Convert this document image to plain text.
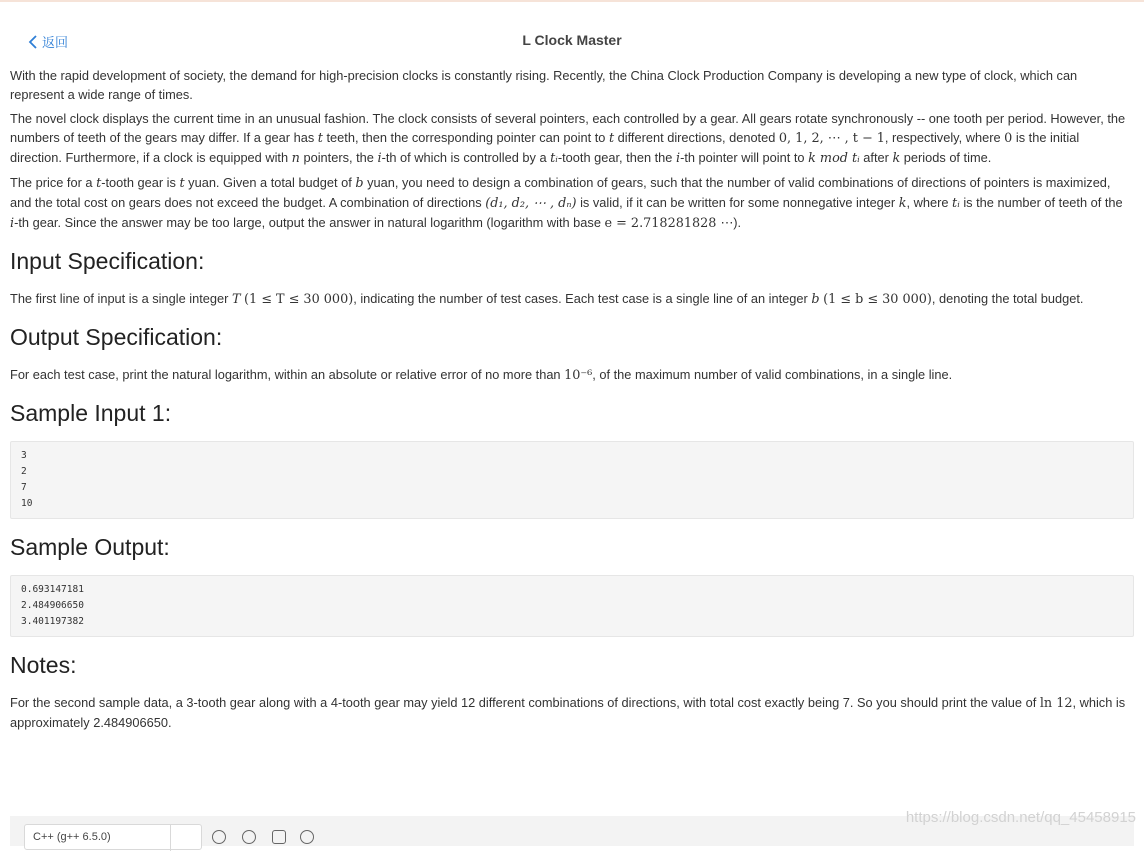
返回	L Clock Master

With the rapid development of society, the demand for high-precision clocks is constantly rising. Recently, the China Clock Production Company is developing a new type of clock, which can represent a wide range of times.

The novel clock displays the current time in an unusual fashion. The clock consists of several pointers, each controlled by a gear. All gears rotate synchronously -- one tooth per period. However, the numbers of teeth of the gears may differ. If a gear has t teeth, then the corresponding pointer can point to t different directions, denoted 0, 1, 2, ⋯ , t − 1, respectively, where 0 is the initial direction. Furthermore, if a clock is equipped with n pointers, the i-th of which is controlled by a tᵢ-tooth gear, then the i-th pointer will point to k mod tᵢ after k periods of time.

The price for a t-tooth gear is t yuan. Given a total budget of b yuan, you need to design a combination of gears, such that the number of valid combinations of directions of pointers is maximized, and the total cost on gears does not exceed the budget. A combination of directions (d₁, d₂, ⋯ , dₙ) is valid, if it can be written for some nonnegative integer k, where tᵢ is the number of teeth of the i-th gear. Since the answer may be too large, output the answer in natural logarithm (logarithm with base e = 2.718281828 ⋯).

Input Specification:

The first line of input is a single integer T (1 ≤ T ≤ 30 000), indicating the number of test cases. Each test case is a single line of an integer b (1 ≤ b ≤ 30 000), denoting the total budget.

Output Specification:

For each test case, print the natural logarithm, within an absolute or relative error of no more than 10⁻⁶, of the maximum number of valid combinations, in a single line.

Sample Input 1:
3
2
7
10
Sample Output:
0.693147181
2.484906650
3.401197382
Notes:

For the second sample data, a 3-tooth gear along with a 4-tooth gear may yield 12 different combinations of directions, with total cost exactly being 7. So you should print the value of ln 12, which is approximately 2.484906650.

C++ (g++ 6.5.0)
https://blog.csdn.net/qq_45458915
